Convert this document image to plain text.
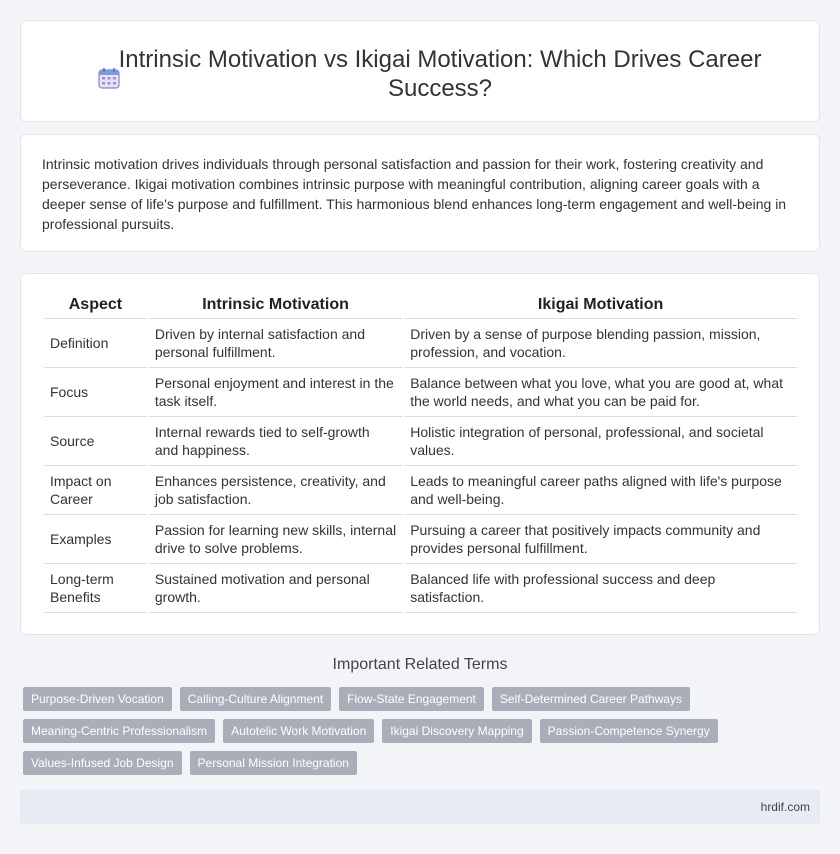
Intrinsic Motivation vs Ikigai Motivation: Which Drives Career Success?

Intrinsic motivation drives individuals through personal satisfaction and passion for their work, fostering creativity and perseverance. Ikigai motivation combines intrinsic purpose with meaningful contribution, aligning career goals with a deeper sense of life's purpose and fulfillment. This harmonious blend enhances long-term engagement and well-being in professional pursuits.

Aspect	Intrinsic Motivation	Ikigai Motivation
Definition	Driven by internal satisfaction and personal fulfillment.	Driven by a sense of purpose blending passion, mission, profession, and vocation.
Focus	Personal enjoyment and interest in the task itself.	Balance between what you love, what you are good at, what the world needs, and what you can be paid for.
Source	Internal rewards tied to self-growth and happiness.	Holistic integration of personal, professional, and societal values.
Impact on Career	Enhances persistence, creativity, and job satisfaction.	Leads to meaningful career paths aligned with life's purpose and well-being.
Examples	Passion for learning new skills, internal drive to solve problems.	Pursuing a career that positively impacts community and provides personal fulfillment.
Long-term Benefits	Sustained motivation and personal growth.	Balanced life with professional success and deep satisfaction.
Important Related Terms
Purpose-Driven Vocation	Calling-Culture Alignment	Flow-State Engagement	Self-Determined Career Pathways
Meaning-Centric Professionalism	Autotelic Work Motivation	Ikigai Discovery Mapping	Passion-Competence Synergy
Values-Infused Job Design	Personal Mission Integration
hrdif.com
